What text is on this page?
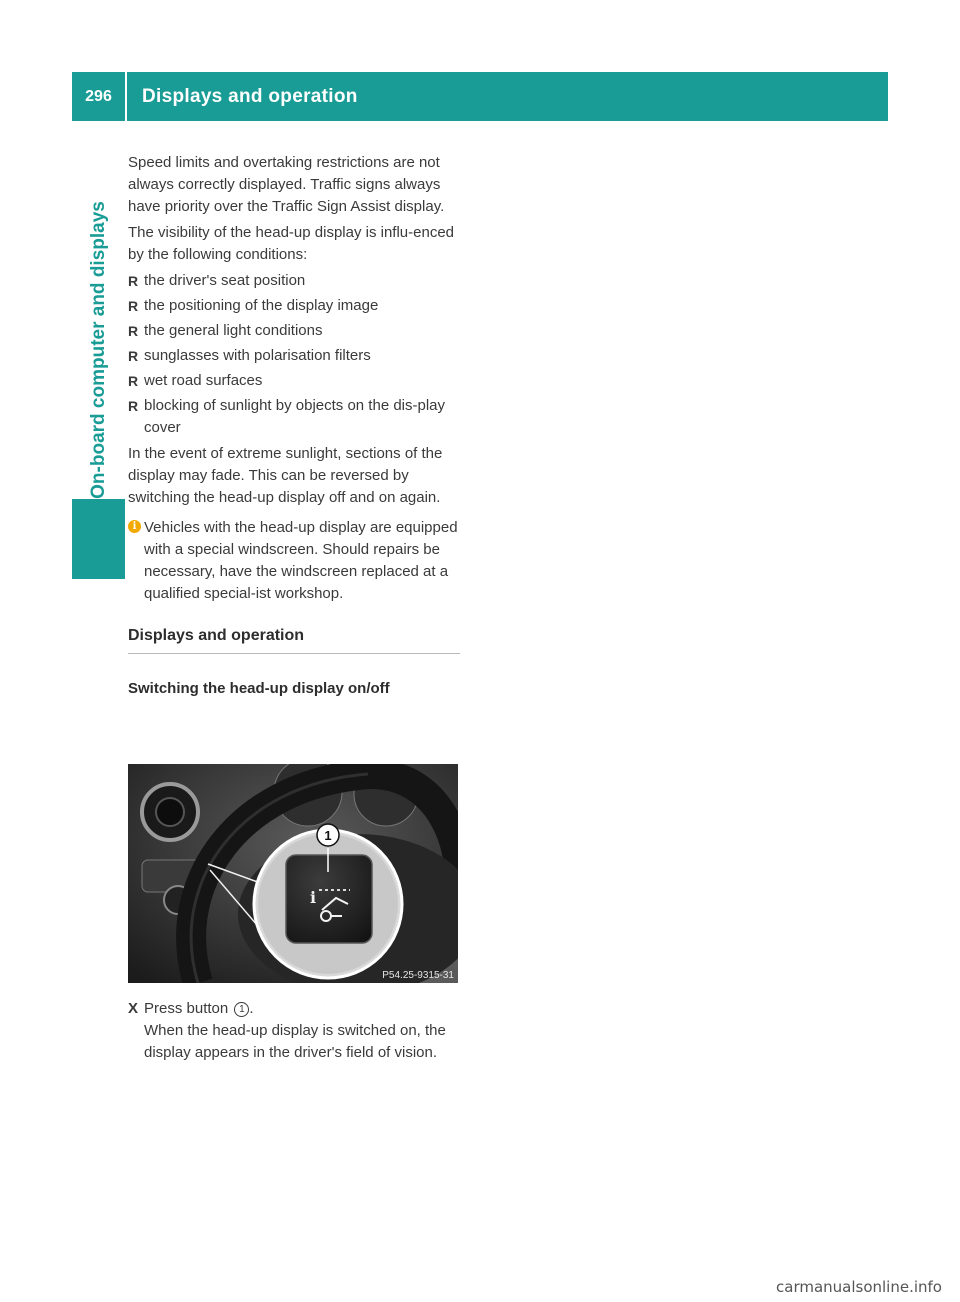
296	Displays and operation
On-board computer and displays

Speed limits and overtaking restrictions are not always correctly displayed. Traffic signs always have priority over the Traffic Sign Assist display.

The visibility of the head-up display is influ-enced by the following conditions:

R the driver's seat position
R the positioning of the display image
R the general light conditions
R sunglasses with polarisation filters
R wet road surfaces
R blocking of sunlight by objects on the dis-play cover

In the event of extreme sunlight, sections of the display may fade. This can be reversed by switching the head-up display off and on again.

i Vehicles with the head-up display are equipped with a special windscreen. Should repairs be necessary, have the windscreen replaced at a qualified special-ist workshop.
Displays and operation
Switching the head-up display on/off
1
i
P54.25-9315-31
X Press button 1 .
When the head-up display is switched on, the display appears in the driver's field of vision.
carmanualsonline.info
